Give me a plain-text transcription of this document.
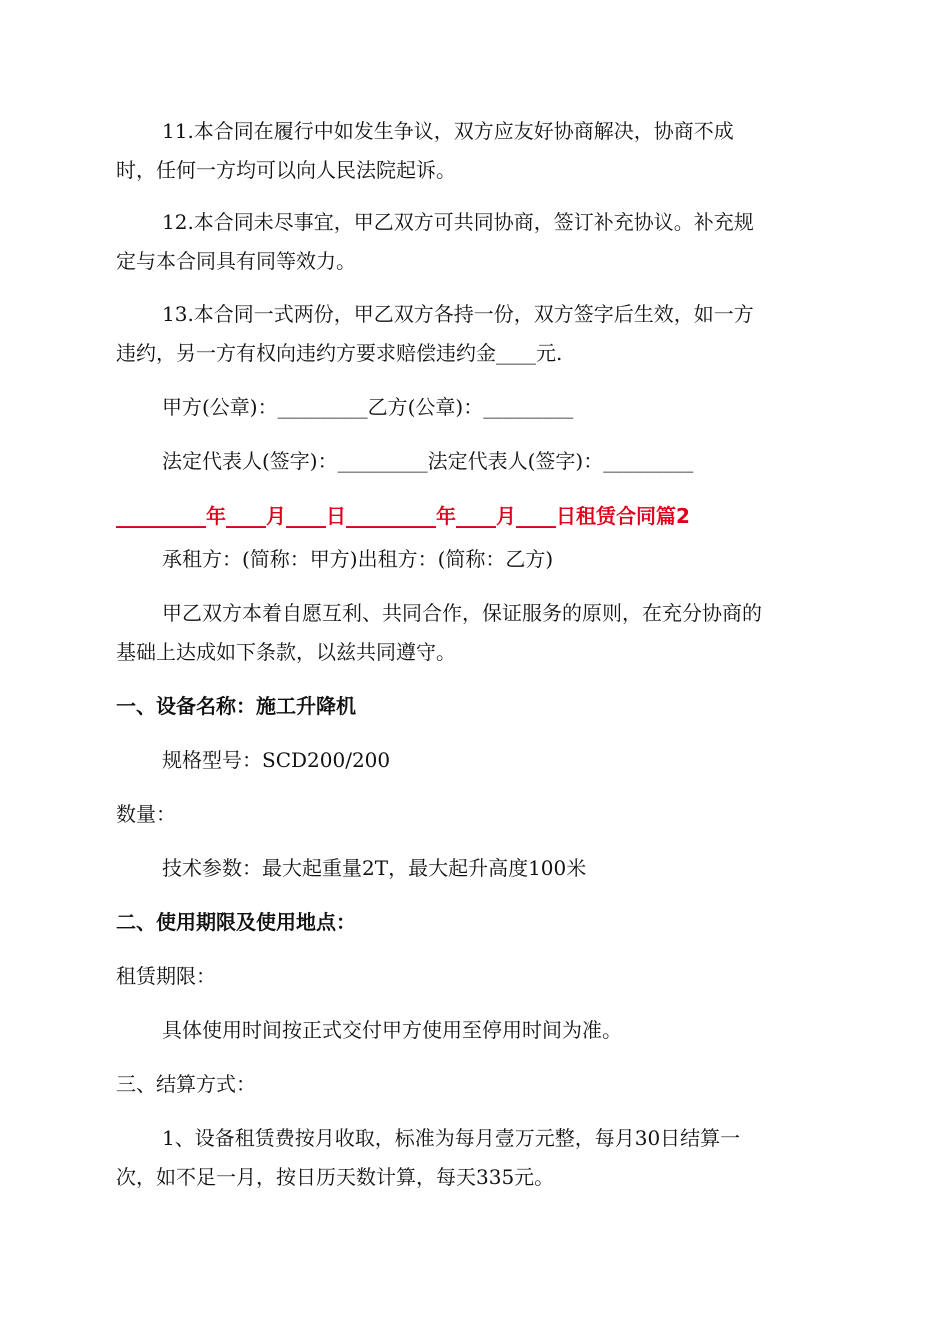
11.本合同在履行中如发生争议，双方应友好协商解决，协商不成
时，任何一方均可以向人民法院起诉。
12.本合同未尽事宜，甲乙双方可共同协商，签订补充协议。补充规
定与本合同具有同等效力。
13.本合同一式两份，甲乙双方各持一份，双方签字后生效，如一方
违约，另一方有权向违约方要求赔偿违约金____元.
甲方(公章)：_________乙方(公章)：_________
法定代表人(签字)：_________法定代表人(签字)：_________
_________年____月____日_________年____月____日租赁合同篇2
承租方：(简称：甲方)出租方：(简称：乙方)
甲乙双方本着自愿互利、共同合作，保证服务的原则，在充分协商的
基础上达成如下条款，以兹共同遵守。
一、设备名称：施工升降机
规格型号：SCD200/200
数量：
技术参数：最大起重量2T，最大起升高度100米
二、使用期限及使用地点：
租赁期限：
具体使用时间按正式交付甲方使用至停用时间为准。
三、结算方式：
1、设备租赁费按月收取，标准为每月壹万元整，每月30日结算一
次，如不足一月，按日历天数计算，每天335元。
